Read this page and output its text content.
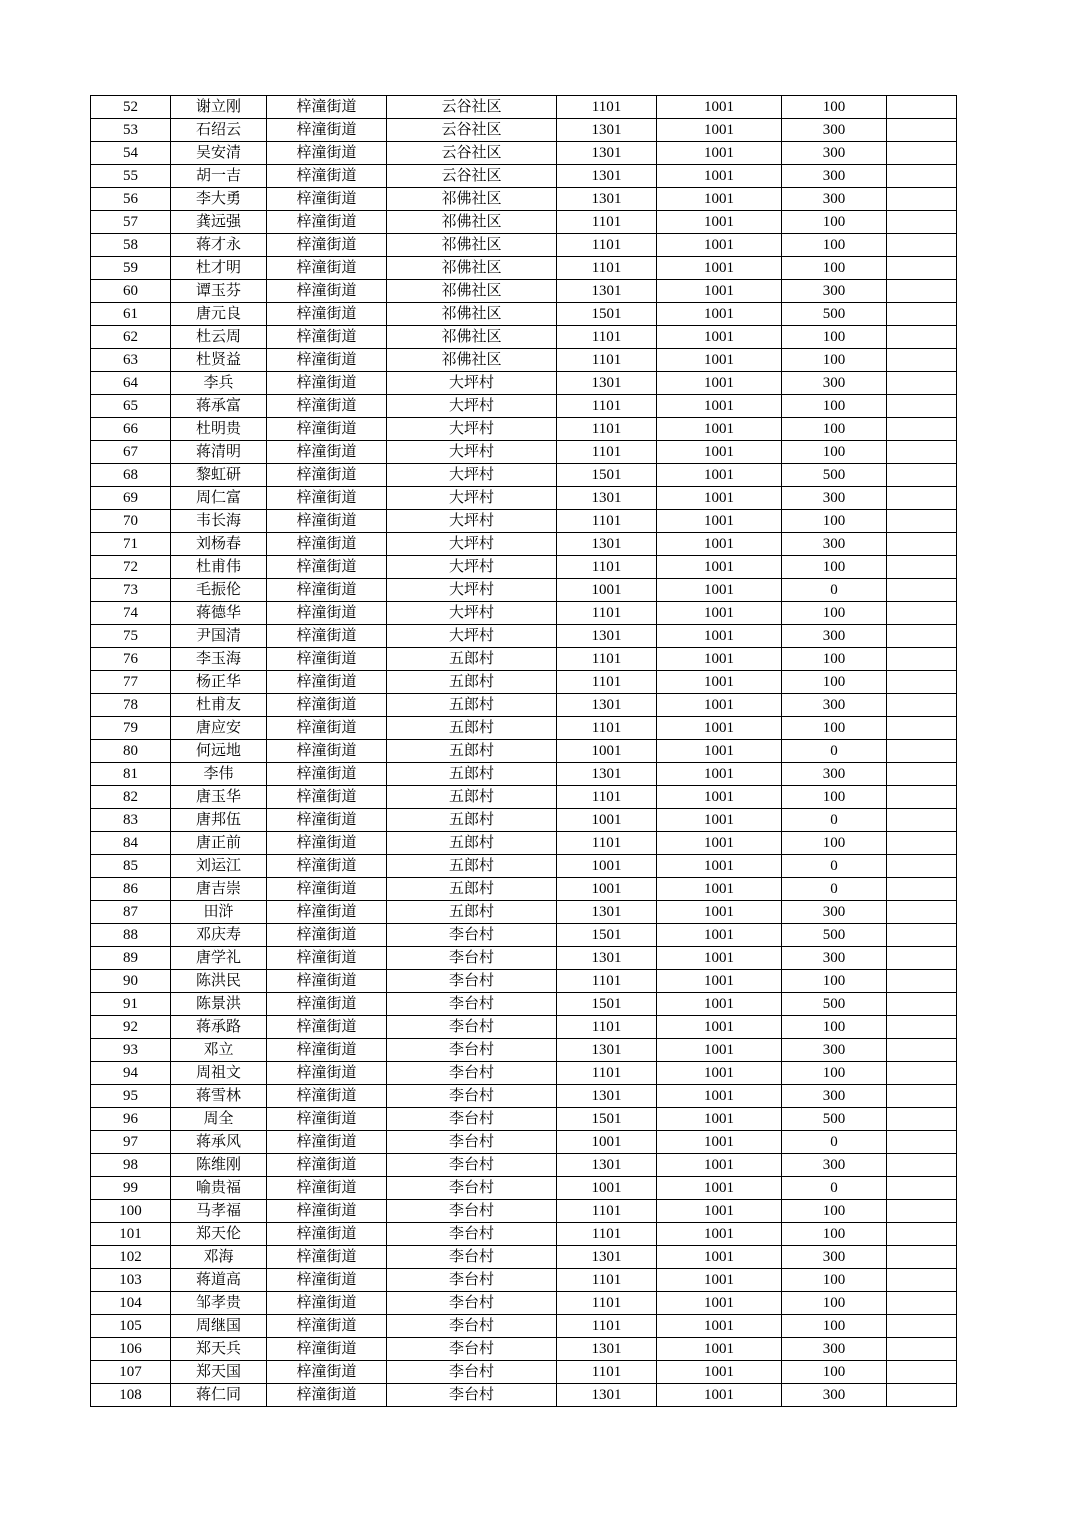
52	谢立刚	梓潼街道	云谷社区	1101	1001	100	
53	石绍云	梓潼街道	云谷社区	1301	1001	300	
54	吴安清	梓潼街道	云谷社区	1301	1001	300	
55	胡一吉	梓潼街道	云谷社区	1301	1001	300	
56	李大勇	梓潼街道	祁佛社区	1301	1001	300	
57	龚远强	梓潼街道	祁佛社区	1101	1001	100	
58	蒋才永	梓潼街道	祁佛社区	1101	1001	100	
59	杜才明	梓潼街道	祁佛社区	1101	1001	100	
60	谭玉芬	梓潼街道	祁佛社区	1301	1001	300	
61	唐元良	梓潼街道	祁佛社区	1501	1001	500	
62	杜云周	梓潼街道	祁佛社区	1101	1001	100	
63	杜贤益	梓潼街道	祁佛社区	1101	1001	100	
64	李兵	梓潼街道	大坪村	1301	1001	300	
65	蒋承富	梓潼街道	大坪村	1101	1001	100	
66	杜明贵	梓潼街道	大坪村	1101	1001	100	
67	蒋清明	梓潼街道	大坪村	1101	1001	100	
68	黎虹研	梓潼街道	大坪村	1501	1001	500	
69	周仁富	梓潼街道	大坪村	1301	1001	300	
70	韦长海	梓潼街道	大坪村	1101	1001	100	
71	刘杨春	梓潼街道	大坪村	1301	1001	300	
72	杜甫伟	梓潼街道	大坪村	1101	1001	100	
73	毛振伦	梓潼街道	大坪村	1001	1001	0	
74	蒋德华	梓潼街道	大坪村	1101	1001	100	
75	尹国清	梓潼街道	大坪村	1301	1001	300	
76	李玉海	梓潼街道	五郎村	1101	1001	100	
77	杨正华	梓潼街道	五郎村	1101	1001	100	
78	杜甫友	梓潼街道	五郎村	1301	1001	300	
79	唐应安	梓潼街道	五郎村	1101	1001	100	
80	何远地	梓潼街道	五郎村	1001	1001	0	
81	李伟	梓潼街道	五郎村	1301	1001	300	
82	唐玉华	梓潼街道	五郎村	1101	1001	100	
83	唐邦伍	梓潼街道	五郎村	1001	1001	0	
84	唐正前	梓潼街道	五郎村	1101	1001	100	
85	刘运江	梓潼街道	五郎村	1001	1001	0	
86	唐吉崇	梓潼街道	五郎村	1001	1001	0	
87	田浒	梓潼街道	五郎村	1301	1001	300	
88	邓庆寿	梓潼街道	李台村	1501	1001	500	
89	唐学礼	梓潼街道	李台村	1301	1001	300	
90	陈洪民	梓潼街道	李台村	1101	1001	100	
91	陈景洪	梓潼街道	李台村	1501	1001	500	
92	蒋承路	梓潼街道	李台村	1101	1001	100	
93	邓立	梓潼街道	李台村	1301	1001	300	
94	周祖文	梓潼街道	李台村	1101	1001	100	
95	蒋雪林	梓潼街道	李台村	1301	1001	300	
96	周全	梓潼街道	李台村	1501	1001	500	
97	蒋承风	梓潼街道	李台村	1001	1001	0	
98	陈维刚	梓潼街道	李台村	1301	1001	300	
99	喻贵福	梓潼街道	李台村	1001	1001	0	
100	马孝福	梓潼街道	李台村	1101	1001	100	
101	郑天伦	梓潼街道	李台村	1101	1001	100	
102	邓海	梓潼街道	李台村	1301	1001	300	
103	蒋道高	梓潼街道	李台村	1101	1001	100	
104	邹孝贵	梓潼街道	李台村	1101	1001	100	
105	周继国	梓潼街道	李台村	1101	1001	100	
106	郑天兵	梓潼街道	李台村	1301	1001	300	
107	郑天国	梓潼街道	李台村	1101	1001	100	
108	蒋仁同	梓潼街道	李台村	1301	1001	300	
